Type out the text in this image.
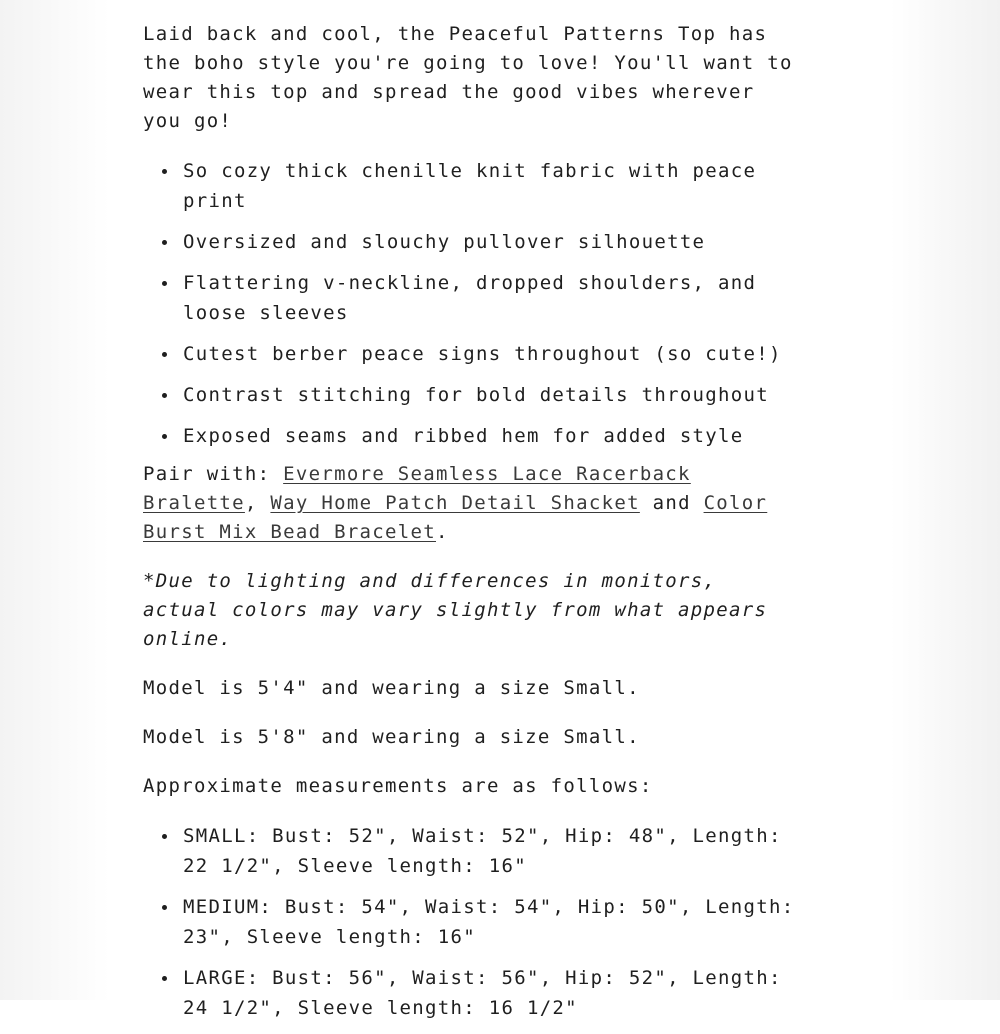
Laid back and cool, the Peaceful Patterns Top has the boho style you're going to love! You'll want to wear this top and spread the good vibes wherever you go!

So cozy thick chenille knit fabric with peace print
Oversized and slouchy pullover silhouette
Flattering v-neckline, dropped shoulders, and loose sleeves
Cutest berber peace signs throughout (so cute!)
Contrast stitching for bold details throughout
Exposed seams and ribbed hem for added style

Pair with: Evermore Seamless Lace Racerback Bralette, Way Home Patch Detail Shacket and Color Burst Mix Bead Bracelet.

*Due to lighting and differences in monitors, actual colors may vary slightly from what appears online.

Model is 5'4" and wearing a size Small.

Model is 5'8" and wearing a size Small.

Approximate measurements are as follows:

SMALL: Bust: 52", Waist: 52", Hip: 48", Length: 22 1/2", Sleeve length: 16"
MEDIUM: Bust: 54", Waist: 54", Hip: 50", Length: 23", Sleeve length: 16"
LARGE: Bust: 56", Waist: 56", Hip: 52", Length: 24 1/2", Sleeve length: 16 1/2"
